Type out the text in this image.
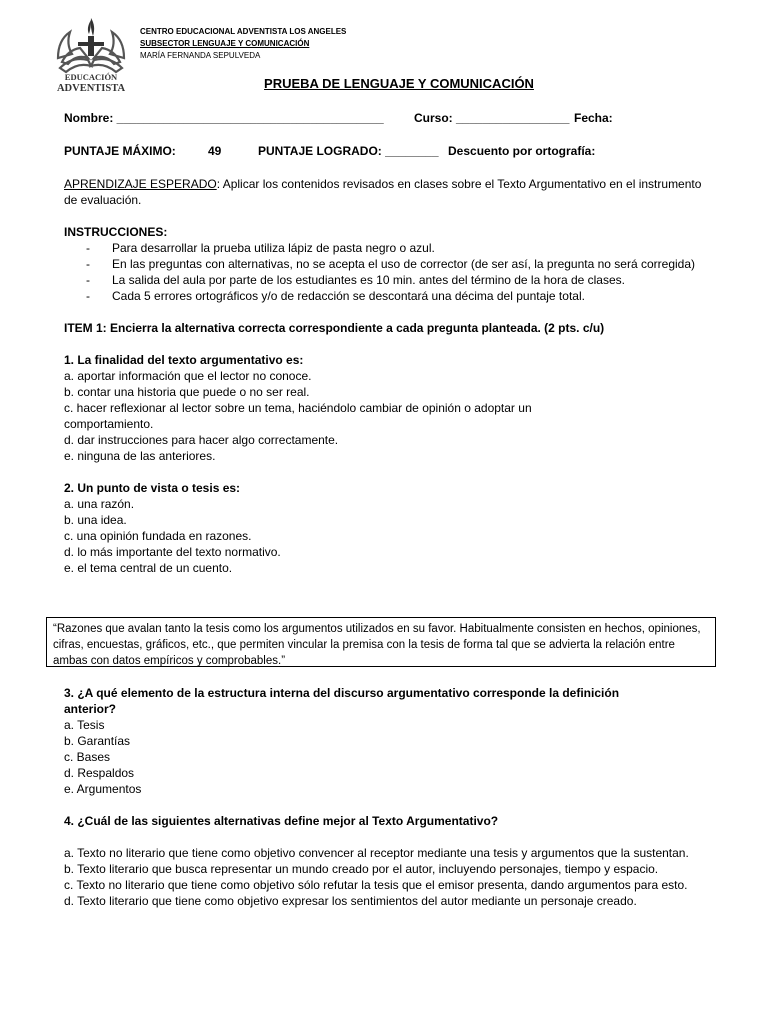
EDUCACIÓN
ADVENTISTA
CENTRO EDUCACIONAL ADVENTISTA LOS ANGELES
SUBSECTOR LENGUAJE Y COMUNICACIÓN
MARÍA FERNANDA SEPULVEDA
PRUEBA DE LENGUAJE Y COMUNICACIÓN
Nombre: ________________________________________	Curso: _________________ Fecha:
PUNTAJE MÁXIMO:	49	PUNTAJE LOGRADO: ________ Descuento por ortografía:
APRENDIZAJE ESPERADO: Aplicar los contenidos revisados en clases sobre el Texto Argumentativo en el instrumento de evaluación.
INSTRUCCIONES:
- Para desarrollar la prueba utiliza lápiz de pasta negro o azul.
- En las preguntas con alternativas, no se acepta el uso de corrector (de ser así, la pregunta no será corregida)
- La salida del aula por parte de los estudiantes es 10 min. antes del término de la hora de clases.
- Cada 5 errores ortográficos y/o de redacción se descontará una décima del puntaje total.
ITEM 1: Encierra la alternativa correcta correspondiente a cada pregunta planteada. (2 pts. c/u)
1. La finalidad del texto argumentativo es:
a. aportar información que el lector no conoce.
b. contar una historia que puede o no ser real.
c. hacer reflexionar al lector sobre un tema, haciéndolo cambiar de opinión o adoptar un comportamiento.
d. dar instrucciones para hacer algo correctamente.
e. ninguna de las anteriores.
2. Un punto de vista o tesis es:
a. una razón.
b. una idea.
c. una opinión fundada en razones.
d. lo más importante del texto normativo.
e. el tema central de un cuento.
“Razones que avalan tanto la tesis como los argumentos utilizados en su favor. Habitualmente consisten en hechos, opiniones, cifras, encuestas, gráficos, etc., que permiten vincular la premisa con la tesis de forma tal que se advierta la relación entre ambas con datos empíricos y comprobables.”
3. ¿A qué elemento de la estructura interna del discurso argumentativo corresponde la definición anterior?
a. Tesis
b. Garantías
c. Bases
d. Respaldos
e. Argumentos
4. ¿Cuál de las siguientes alternativas define mejor al Texto Argumentativo?
a. Texto no literario que tiene como objetivo convencer al receptor mediante una tesis y argumentos que la sustentan.
b. Texto literario que busca representar un mundo creado por el autor, incluyendo personajes, tiempo y espacio.
c. Texto no literario que tiene como objetivo sólo refutar la tesis que el emisor presenta, dando argumentos para esto.
d. Texto literario que tiene como objetivo expresar los sentimientos del autor mediante un personaje creado.
